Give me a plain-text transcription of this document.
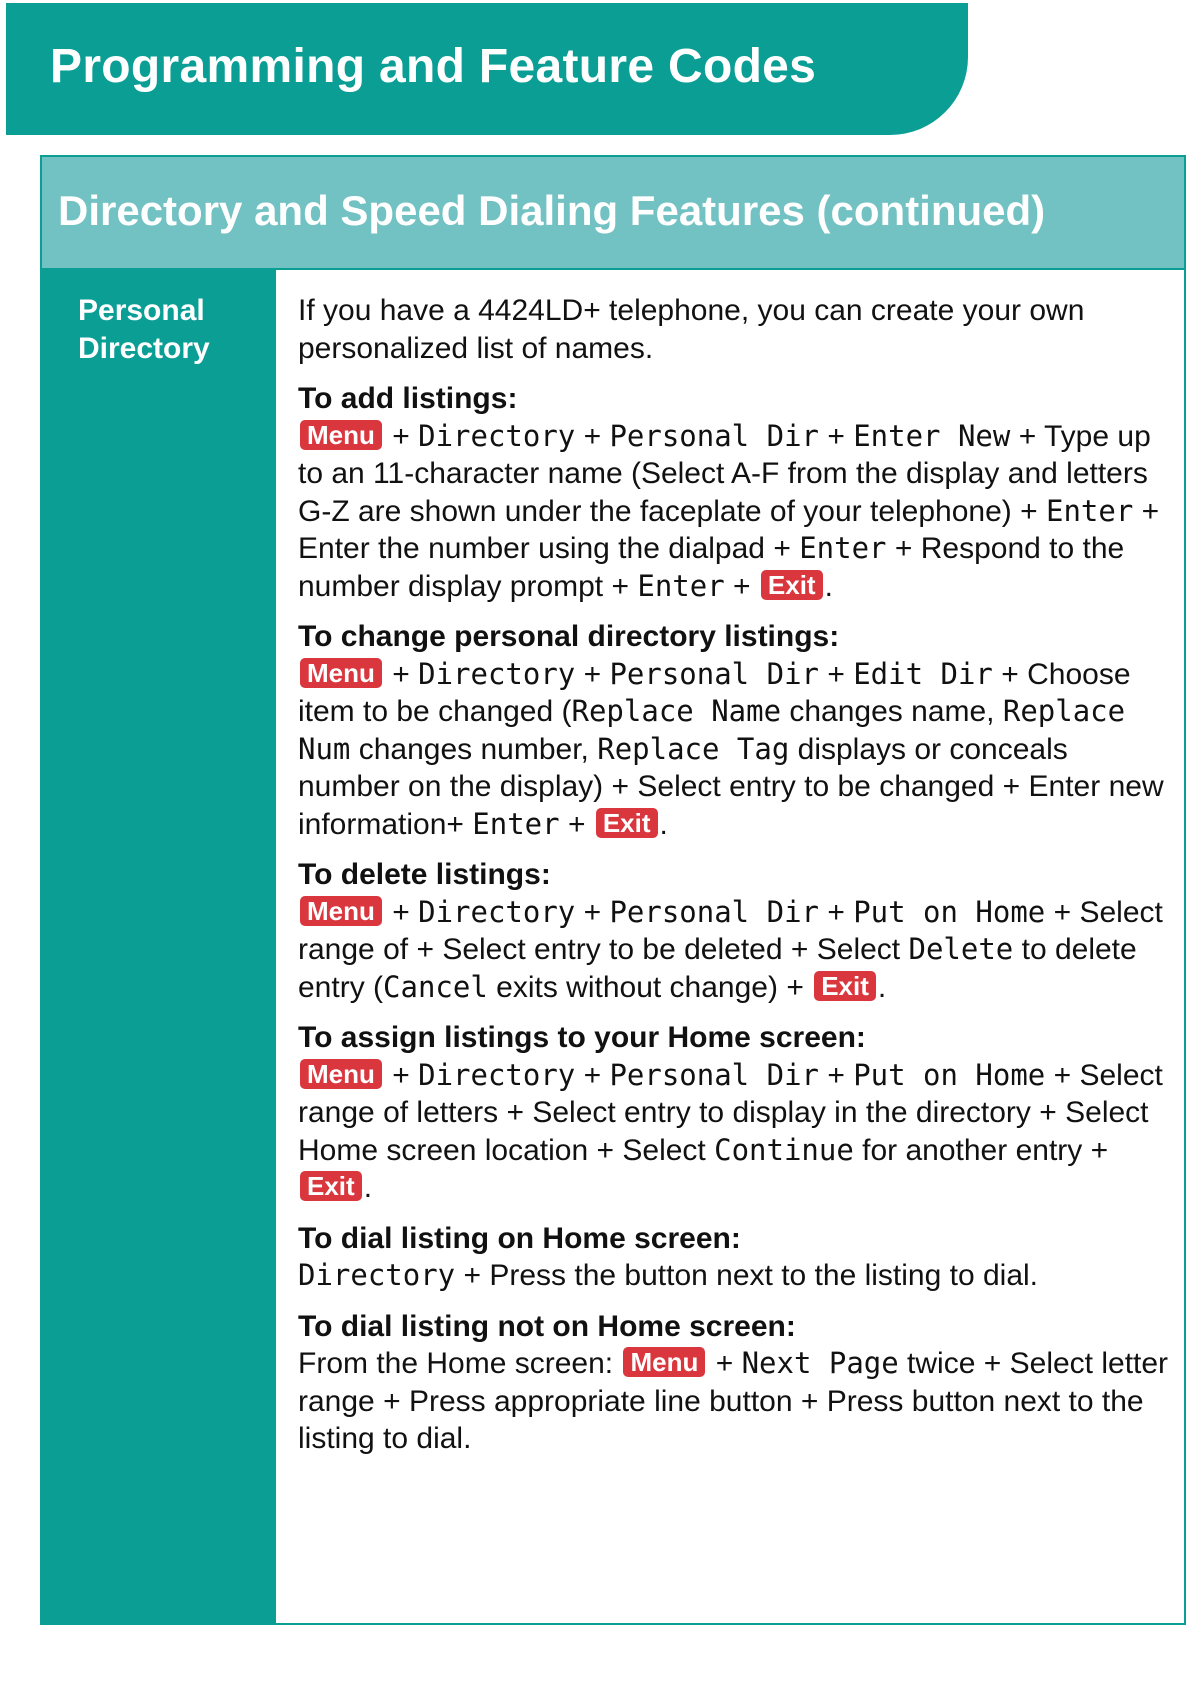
Programming and Feature Codes
Directory and Speed Dialing Features (continued)
Personal Directory

If you have a 4424LD+ telephone, you can create your own personalized list of names.

To add listings:
Menu + Directory + Personal Dir + Enter New + Type up to an 11-character name (Select A-F from the display and letters G-Z are shown under the faceplate of your telephone) + Enter + Enter the number using the dialpad + Enter + Respond to the number display prompt + Enter + Exit .
To change personal directory listings:
Menu + Directory + Personal Dir + Edit Dir + Choose item to be changed (Replace Name changes name, Replace Num changes number, Replace Tag displays or conceals number on the display) + Select entry to be changed + Enter new information+ Enter + Exit .
To delete listings:
Menu + Directory + Personal Dir + Put on Home + Select range of + Select entry to be deleted + Select Delete to delete entry (Cancel exits without change) + Exit .
To assign listings to your Home screen:
Menu + Directory + Personal Dir + Put on Home + Select range of letters + Select entry to display in the directory + Select Home screen location + Select Continue for another entry + Exit .
To dial listing on Home screen:
Directory + Press the button next to the listing to dial.
To dial listing not on Home screen:
From the Home screen: Menu + Next Page twice + Select letter range + Press appropriate line button + Press button next to the listing to dial.
